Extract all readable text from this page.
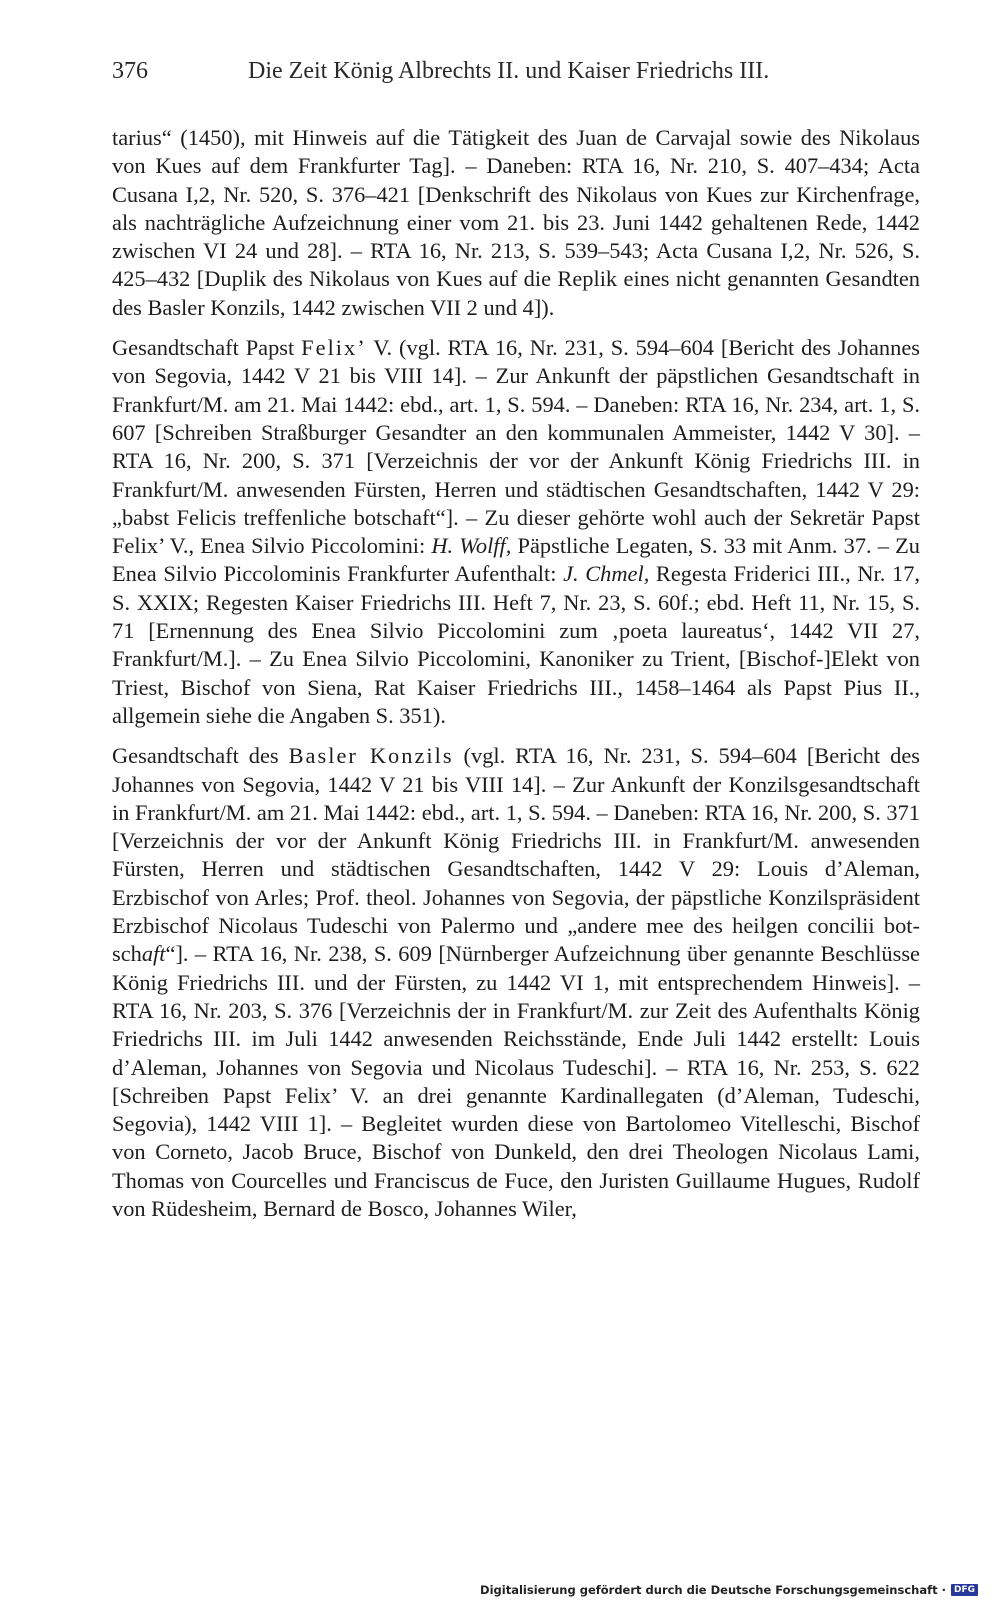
376	Die Zeit König Albrechts II. und Kaiser Friedrichs III.

tarius“ (1450), mit Hinweis auf die Tätigkeit des Juan de Carvajal sowie des Nikolaus von Kues auf dem Frankfurter Tag]. – Daneben: RTA 16, Nr. 210, S. 407–434; Acta Cusana I,2, Nr. 520, S. 376–421 [Denkschrift des Nikolaus von Kues zur Kirchenfrage, als nachträgliche Aufzeichnung einer vom 21. bis 23. Juni 1442 gehaltenen Rede, 1442 zwischen VI 24 und 28]. – RTA 16, Nr. 213, S. 539–543; Acta Cusana I,2, Nr. 526, S. 425–432 [Duplik des Nikolaus von Kues auf die Replik eines nicht genannten Gesandten des Basler Konzils, 1442 zwischen VII 2 und 4]).

Gesandtschaft Papst Felix’ V. (vgl. RTA 16, Nr. 231, S. 594–604 [Bericht des Johannes von Segovia, 1442 V 21 bis VIII 14]. – Zur Ankunft der päpstlichen Gesandtschaft in Frankfurt/M. am 21. Mai 1442: ebd., art. 1, S. 594. – Daneben: RTA 16, Nr. 234, art. 1, S. 607 [Schreiben Straßburger Gesandter an den kommunalen Ammeister, 1442 V 30]. – RTA 16, Nr. 200, S. 371 [Verzeichnis der vor der Ankunft König Friedrichs III. in Frankfurt/M. anwesenden Fürsten, Herren und städtischen Gesandtschaften, 1442 V 29: „babst Felicis treffenliche botschaft“]. – Zu dieser gehörte wohl auch der Sekretär Papst Felix’ V., Enea Silvio Piccolomini: H. Wolff, Päpstliche Legaten, S. 33 mit Anm. 37. – Zu Enea Silvio Piccolominis Frankfurter Aufenthalt: J. Chmel, Regesta Friderici III., Nr. 17, S. XXIX; Regesten Kaiser Friedrichs III. Heft 7, Nr. 23, S. 60f.; ebd. Heft 11, Nr. 15, S. 71 [Ernennung des Enea Silvio Piccolomini zum ‚poeta laureatus‘, 1442 VII 27, Frankfurt/M.]. – Zu Enea Silvio Piccolomini, Kanoniker zu Trient, [Bischof-]Elekt von Triest, Bischof von Siena, Rat Kaiser Friedrichs III., 1458–1464 als Papst Pius II., allgemein siehe die Angaben S. 351).

Gesandtschaft des Basler Konzils (vgl. RTA 16, Nr. 231, S. 594–604 [Bericht des Johannes von Segovia, 1442 V 21 bis VIII 14]. – Zur Ankunft der Konzilsgesandtschaft in Frankfurt/M. am 21. Mai 1442: ebd., art. 1, S. 594. – Daneben: RTA 16, Nr. 200, S. 371 [Verzeichnis der vor der Ankunft König Friedrichs III. in Frankfurt/M. anwesenden Fürsten, Herren und städtischen Gesandtschaften, 1442 V 29: Louis d’Aleman, Erzbischof von Arles; Prof. theol. Johannes von Segovia, der päpstliche Konzilspräsident Erzbischof Nicolaus Tudeschi von Palermo und „andere mee des heilgen concilii botschaft“]. – RTA 16, Nr. 238, S. 609 [Nürnberger Aufzeichnung über genannte Beschlüsse König Friedrichs III. und der Fürsten, zu 1442 VI 1, mit entsprechendem Hinweis]. – RTA 16, Nr. 203, S. 376 [Verzeichnis der in Frankfurt/M. zur Zeit des Aufenthalts König Friedrichs III. im Juli 1442 anwesenden Reichsstände, Ende Juli 1442 erstellt: Louis d’Aleman, Johannes von Segovia und Nicolaus Tudeschi]. – RTA 16, Nr. 253, S. 622 [Schreiben Papst Felix’ V. an drei genannte Kardinallegaten (d’Aleman, Tudeschi, Segovia), 1442 VIII 1]. – Begleitet wurden diese von Bartolomeo Vitelleschi, Bischof von Corneto, Jacob Bruce, Bischof von Dunkeld, den drei Theologen Nicolaus Lami, Thomas von Courcelles und Franciscus de Fuce, den Juristen Guillaume Hugues, Rudolf von Rüdesheim, Bernard de Bosco, Johannes Wiler,

Digitalisierung gefördert durch die Deutsche Forschungsgemeinschaft · DFG
